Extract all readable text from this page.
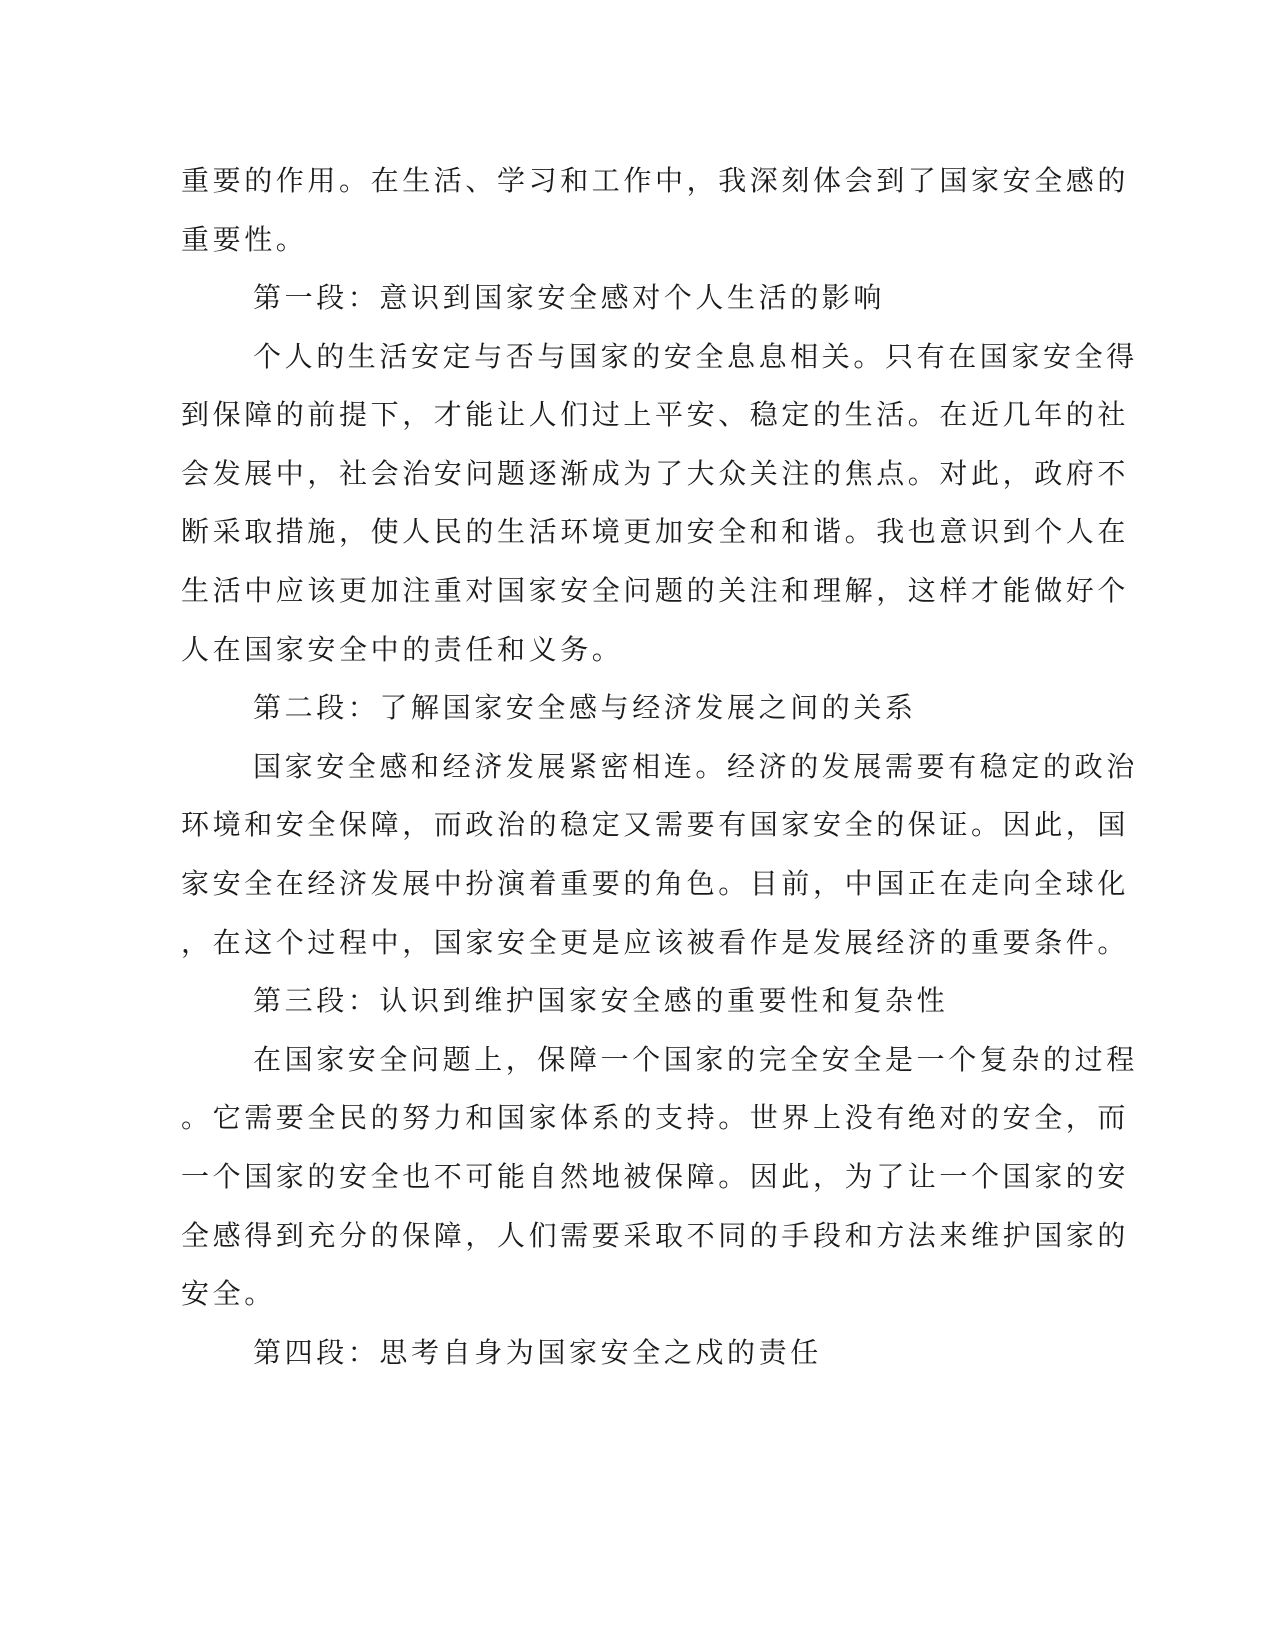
重要的作用。在生活、学习和工作中，我深刻体会到了国家安全感的
重要性。
第一段：意识到国家安全感对个人生活的影响
个人的生活安定与否与国家的安全息息相关。只有在国家安全得
到保障的前提下，才能让人们过上平安、稳定的生活。在近几年的社
会发展中，社会治安问题逐渐成为了大众关注的焦点。对此，政府不
断采取措施，使人民的生活环境更加安全和和谐。我也意识到个人在
生活中应该更加注重对国家安全问题的关注和理解，这样才能做好个
人在国家安全中的责任和义务。
第二段：了解国家安全感与经济发展之间的关系
国家安全感和经济发展紧密相连。经济的发展需要有稳定的政治
环境和安全保障，而政治的稳定又需要有国家安全的保证。因此，国
家安全在经济发展中扮演着重要的角色。目前，中国正在走向全球化
，在这个过程中，国家安全更是应该被看作是发展经济的重要条件。
第三段：认识到维护国家安全感的重要性和复杂性
在国家安全问题上，保障一个国家的完全安全是一个复杂的过程
。它需要全民的努力和国家体系的支持。世界上没有绝对的安全，而
一个国家的安全也不可能自然地被保障。因此，为了让一个国家的安
全感得到充分的保障，人们需要采取不同的手段和方法来维护国家的
安全。
第四段：思考自身为国家安全之戍的责任
